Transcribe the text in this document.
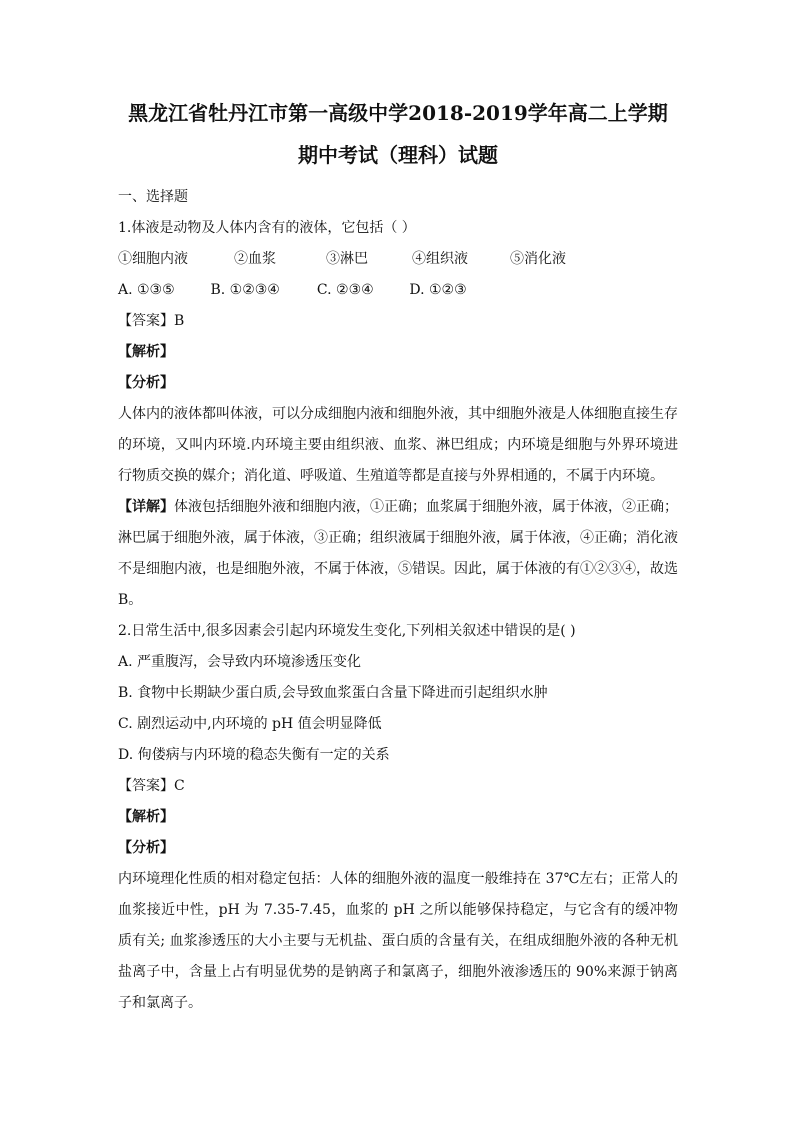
黑龙江省牡丹江市第一高级中学2018-2019学年高二上学期
期中考试（理科）试题

一、选择题

1.体液是动物及人体内含有的液体，它包括（ ）

①细胞内液	②血浆	③淋巴	④组织液	⑤消化液
A. ①③⑤	B. ①②③④	C. ②③④	D. ①②③

【答案】B

【解析】

【分析】

人体内的液体都叫体液，可以分成细胞内液和细胞外液，其中细胞外液是人体细胞直接生存的环境，又叫内环境.内环境主要由组织液、血浆、淋巴组成；内环境是细胞与外界环境进行物质交换的媒介；消化道、呼吸道、生殖道等都是直接与外界相通的，不属于内环境。

【详解】体液包括细胞外液和细胞内液，①正确；血浆属于细胞外液，属于体液，②正确；淋巴属于细胞外液，属于体液，③正确；组织液属于细胞外液，属于体液，④正确；消化液不是细胞内液，也是细胞外液，不属于体液，⑤错误。因此，属于体液的有①②③④，故选 B。

2.日常生活中,很多因素会引起内环境发生变化,下列相关叙述中错误的是( )

A. 严重腹泻，会导致内环境渗透压变化

B. 食物中长期缺少蛋白质,会导致血浆蛋白含量下降进而引起组织水肿

C. 剧烈运动中,内环境的 pH 值会明显降低

D. 佝偻病与内环境的稳态失衡有一定的关系

【答案】C

【解析】

【分析】

内环境理化性质的相对稳定包括：人体的细胞外液的温度一般维持在 37℃左右；正常人的血浆接近中性，pH 为 7.35-7.45，血浆的 pH 之所以能够保持稳定，与它含有的缓冲物质有关; 血浆渗透压的大小主要与无机盐、蛋白质的含量有关，在组成细胞外液的各种无机盐离子中，含量上占有明显优势的是钠离子和氯离子，细胞外液渗透压的 90%来源于钠离子和氯离子。
